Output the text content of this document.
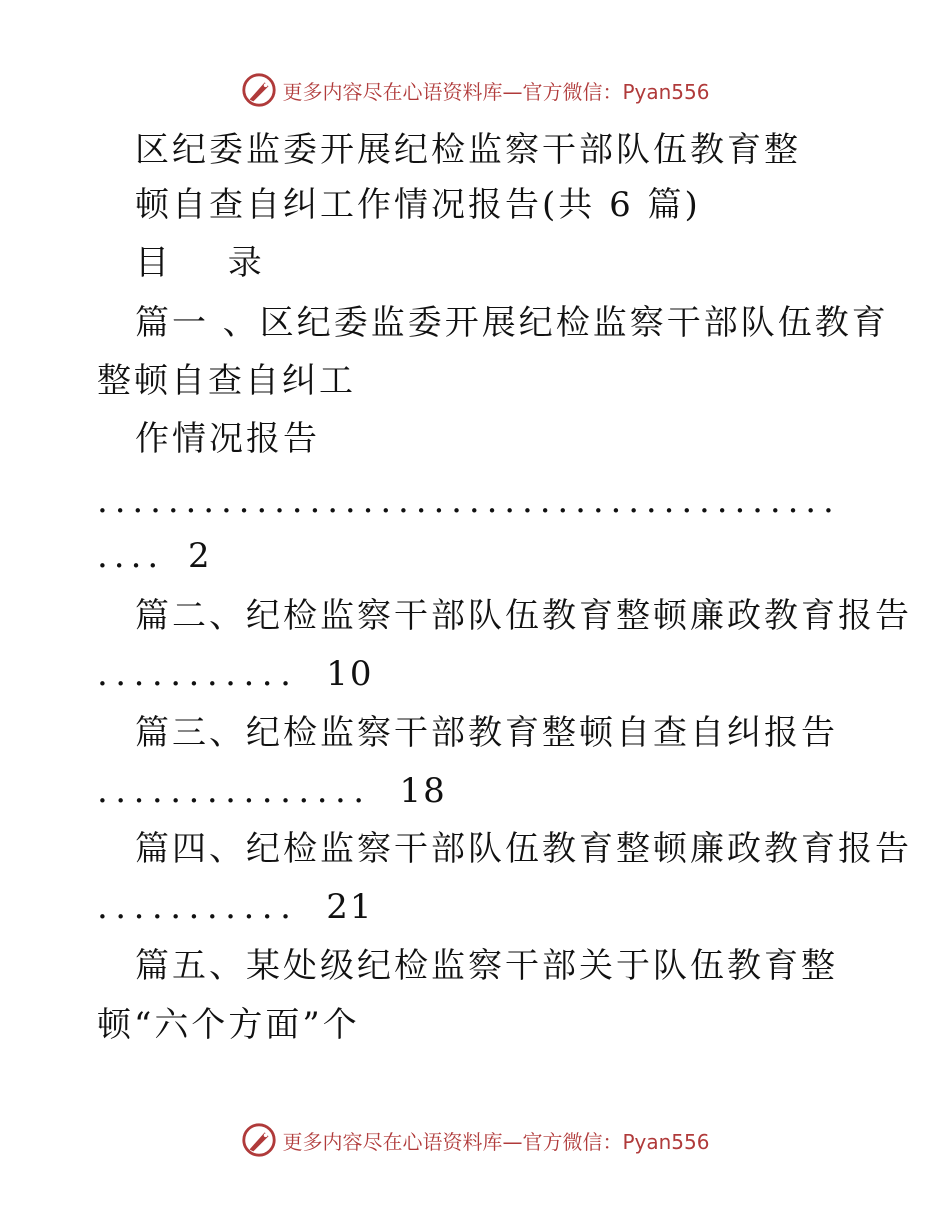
更多内容尽在心语资料库—官方微信：Pyan556
区纪委监委开展纪检监察干部队伍教育整
顿自查自纠工作情况报告(共 6 篇)
目 录
篇一 、区纪委监委开展纪检监察干部队伍教育
整顿自查自纠工
作情况报告
..........................................
.... 2
篇二、纪检监察干部队伍教育整顿廉政教育报告
........... 10
篇三、纪检监察干部教育整顿自查自纠报告
............... 18
篇四、纪检监察干部队伍教育整顿廉政教育报告
........... 21
篇五、某处级纪检监察干部关于队伍教育整
顿“六个方面”个
更多内容尽在心语资料库—官方微信：Pyan556
